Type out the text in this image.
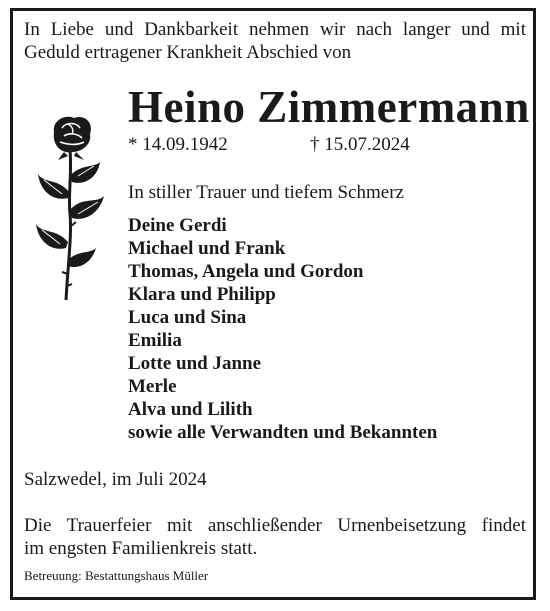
In Liebe und Dankbarkeit nehmen wir nach langer und mit
Geduld ertragener Krankheit Abschied von
Heino Zimmermann
* 14.09.1942	† 15.07.2024
In stiller Trauer und tiefem Schmerz
Deine Gerdi
Michael und Frank
Thomas, Angela und Gordon
Klara und Philipp
Luca und Sina
Emilia
Lotte und Janne
Merle
Alva und Lilith
sowie alle Verwandten und Bekannten
Salzwedel, im Juli 2024
Die Trauerfeier mit anschließender Urnenbeisetzung findet
im engsten Familienkreis statt.
Betreuung: Bestattungshaus Müller
